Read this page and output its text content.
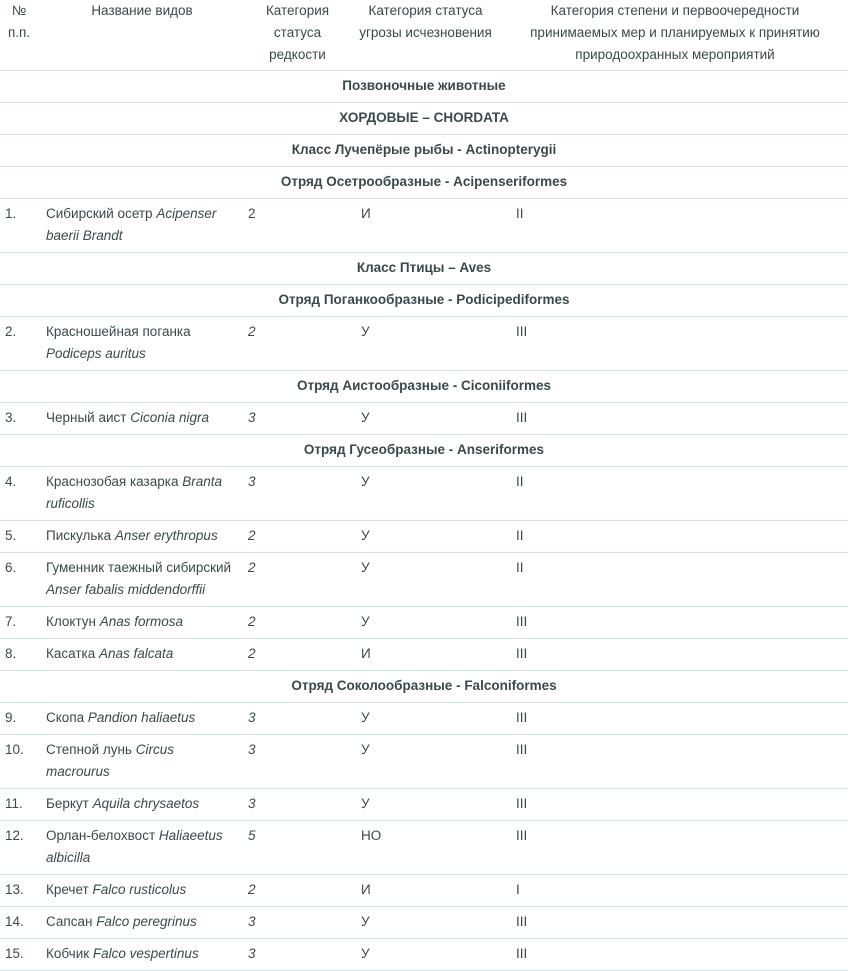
№ п.п.	Название видов	Категория статуса редкости	Категория статуса угрозы исчезновения	Категория степени и первоочередности принимаемых мер и планируемых к принятию природоохранных мероприятий
Позвоночные животные				
ХОРДОВЫЕ – CHORDATA				
Класс Лучепёрые рыбы - Actinopterygii				
Отряд Осетрообразные - Acipenseriformes				
1.	Сибирский осетр Acipenser baerii Brandt	2	И	II
Класс Птицы – Aves				
Отряд Поганкообразные - Podicipediformes				
2.	Красношейная поганка Podiceps auritus	2	У	III
Отряд Аистообразные - Ciconiiformes				
3.	Черный аист Ciconia nigra	3	У	III
Отряд Гусеобразные - Anseriformes				
4.	Краснозобая казарка Branta ruficollis	3	У	II
5.	Пискулька Anser erythropus	2	У	II
6.	Гуменник таежный сибирский Anser fabalis middendorffii	2	У	II
7.	Клоктун Anas formosa	2	У	III
8.	Касатка Anas falcata	2	И	III
Отряд Соколообразные - Falconiformes				
9.	Скопа Pandion haliaetus	3	У	III
10.	Степной лунь Circus macrourus	3	У	III
11.	Беркут Aquila chrysaetos	3	У	III
12.	Орлан-белохвост Haliaeetus albicilla	5	НО	III
13.	Кречет Falco rusticolus	2	И	I
14.	Сапсан Falco peregrinus	3	У	III
15.	Кобчик Falco vespertinus	3	У	III
